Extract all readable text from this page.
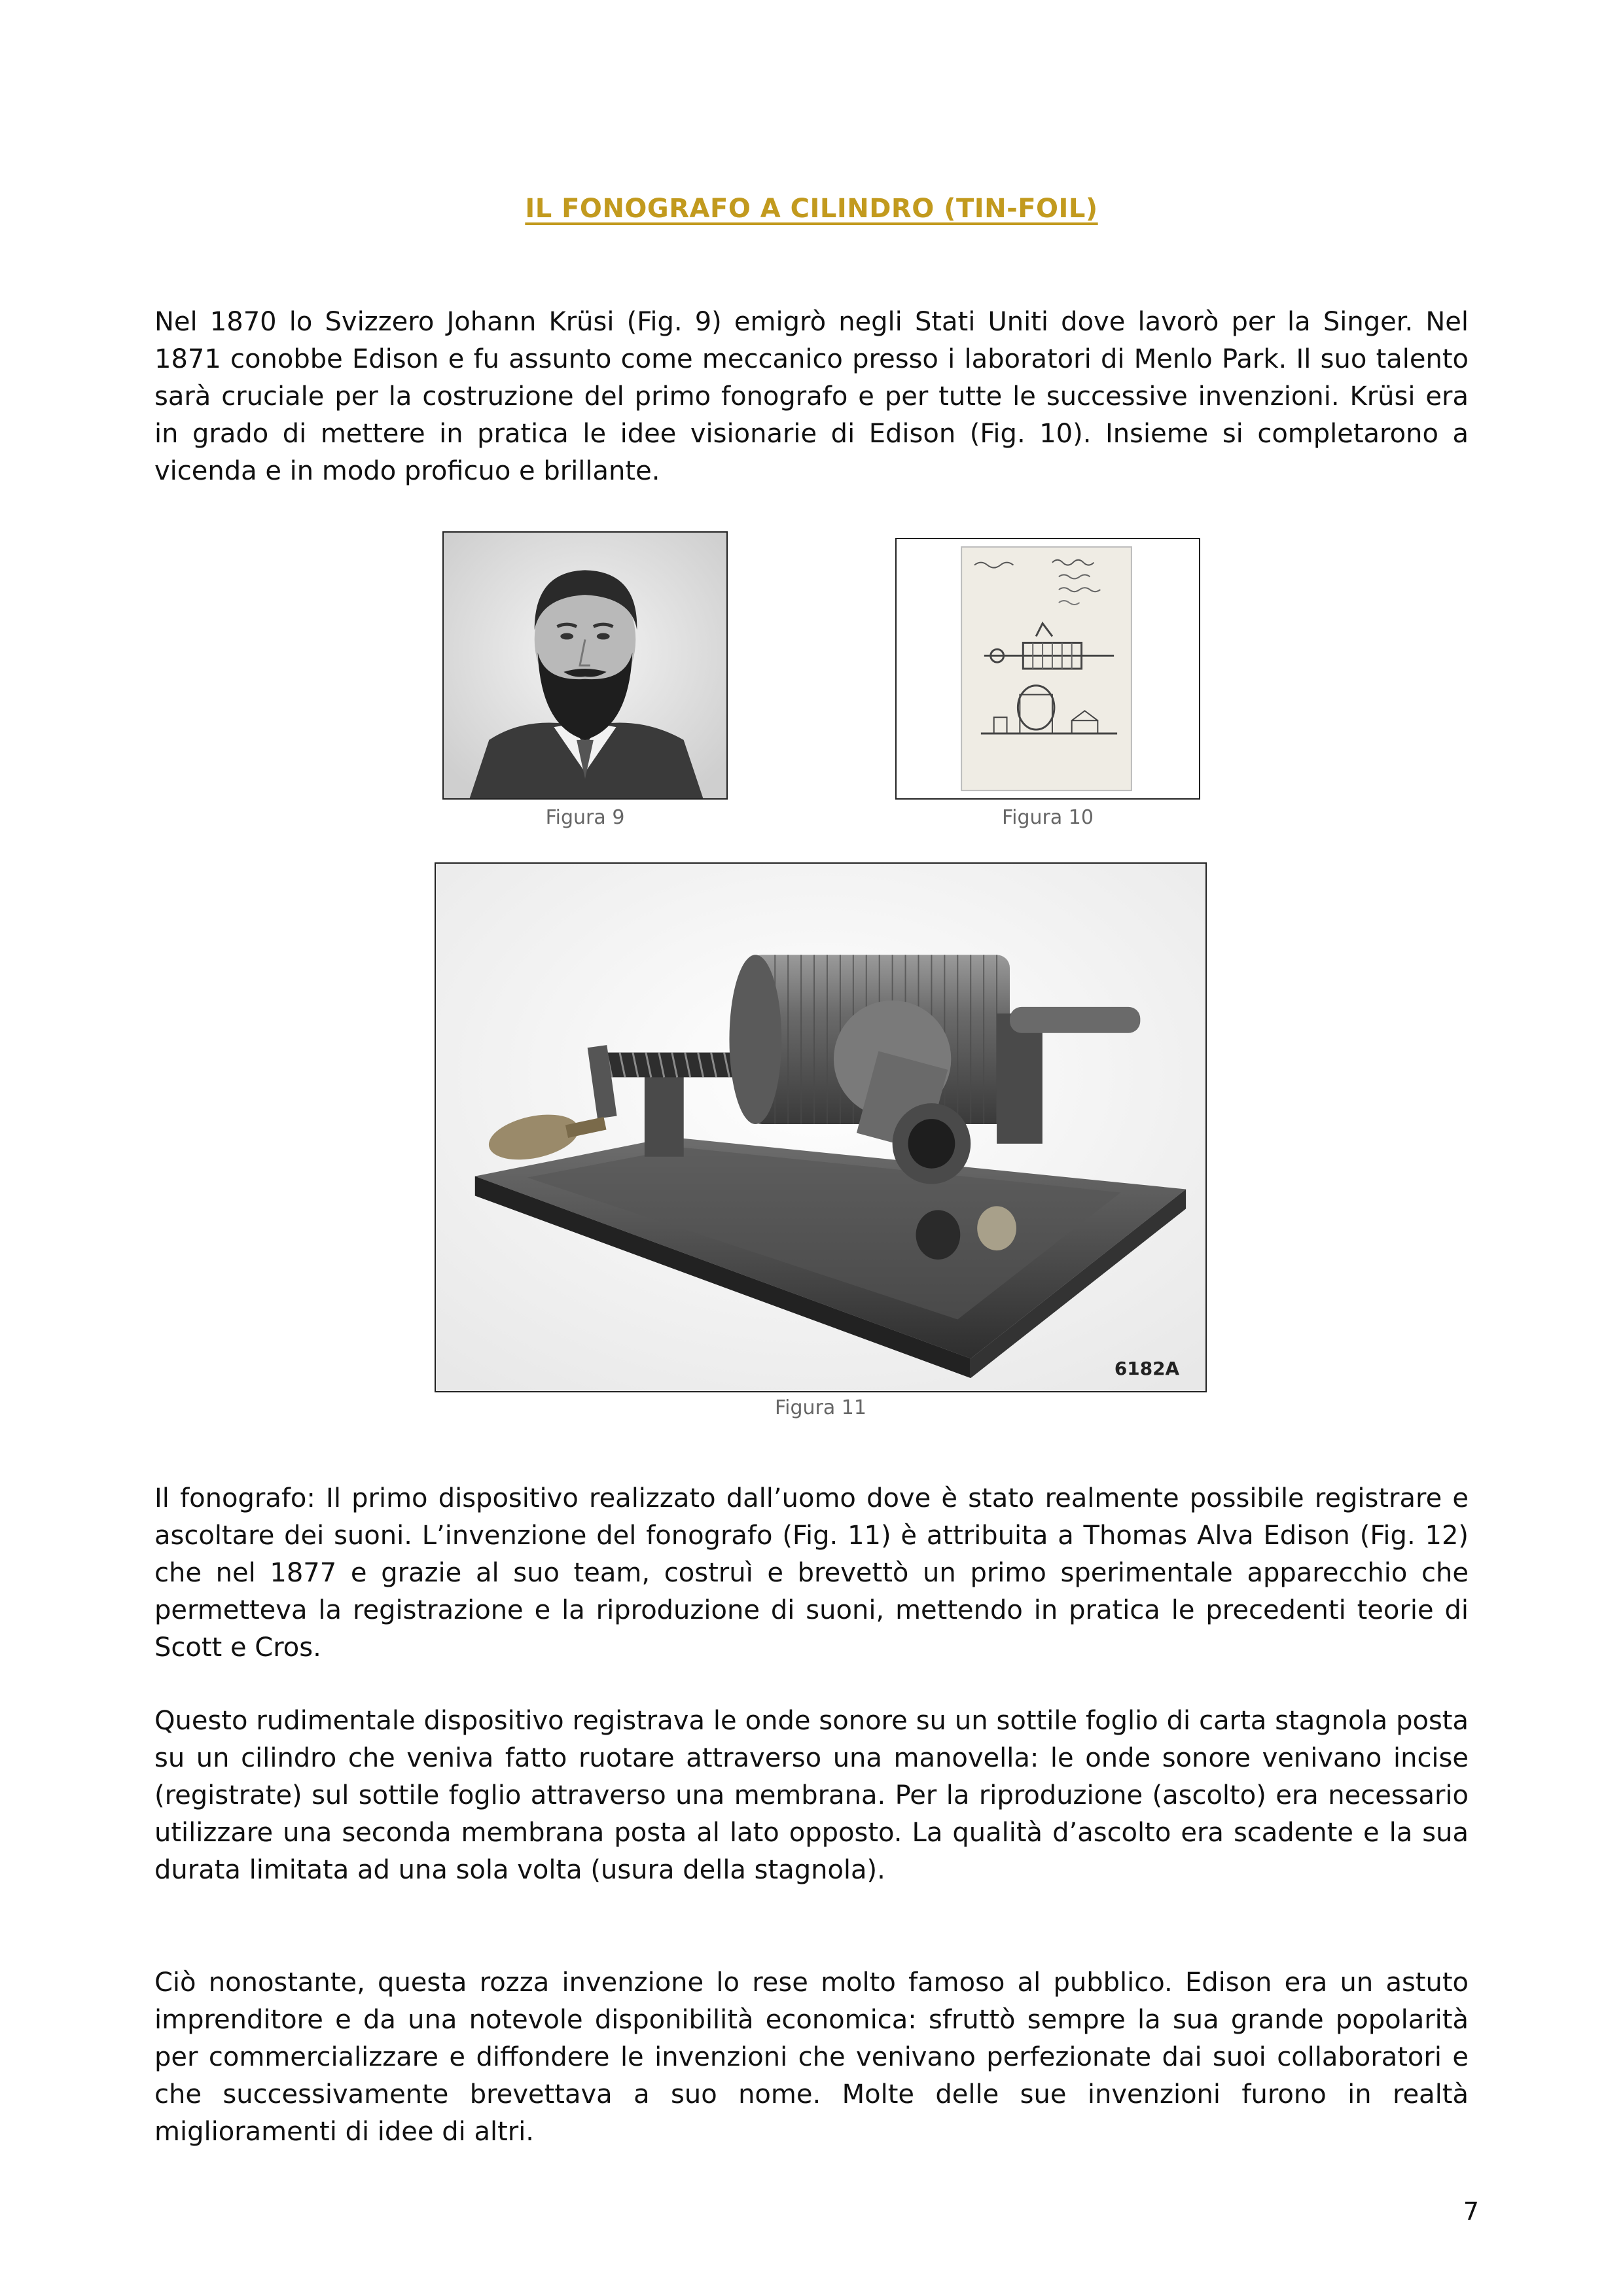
IL FONOGRAFO A CILINDRO (TIN-FOIL)

Nel 1870 lo Svizzero Johann Krüsi (Fig. 9) emigrò negli Stati Uniti dove lavorò per la Singer. Nel 1871 conobbe Edison e fu assunto come meccanico presso i laboratori di Menlo Park. Il suo talento sarà cruciale per la costruzione del primo fonografo e per tutte le successive invenzioni. Krüsi era in grado di mettere in pratica le idee visionarie di Edison (Fig. 10). Insieme si completarono a vicenda e in modo proficuo e brillante.

Figura 9	Figura 10
6182A
Figura 11

Il fonografo: Il primo dispositivo realizzato dall’uomo dove è stato realmente possibile registrare e ascoltare dei suoni. L’invenzione del fonografo (Fig. 11) è attribuita a Thomas Alva Edison (Fig. 12) che nel 1877 e grazie al suo team, costruì e brevettò un primo sperimentale apparecchio che permetteva la registrazione e la riproduzione di suoni, mettendo in pratica le precedenti teorie di Scott e Cros.

Questo rudimentale dispositivo registrava le onde sonore su un sottile foglio di carta stagnola posta su un cilindro che veniva fatto ruotare attraverso una manovella: le onde sonore venivano incise (registrate) sul sottile foglio attraverso una membrana. Per la riproduzione (ascolto) era necessario utilizzare una seconda membrana posta al lato opposto. La qualità d’ascolto era scadente e la sua durata limitata ad una sola volta (usura della stagnola).

Ciò nonostante, questa rozza invenzione lo rese molto famoso al pubblico. Edison era un astuto imprenditore e da una notevole disponibilità economica: sfruttò sempre la sua grande popolarità per commercializzare e diffondere le invenzioni che venivano perfezionate dai suoi collaboratori e che successivamente brevettava a suo nome. Molte delle sue invenzioni furono in realtà miglioramenti di idee di altri.

7
